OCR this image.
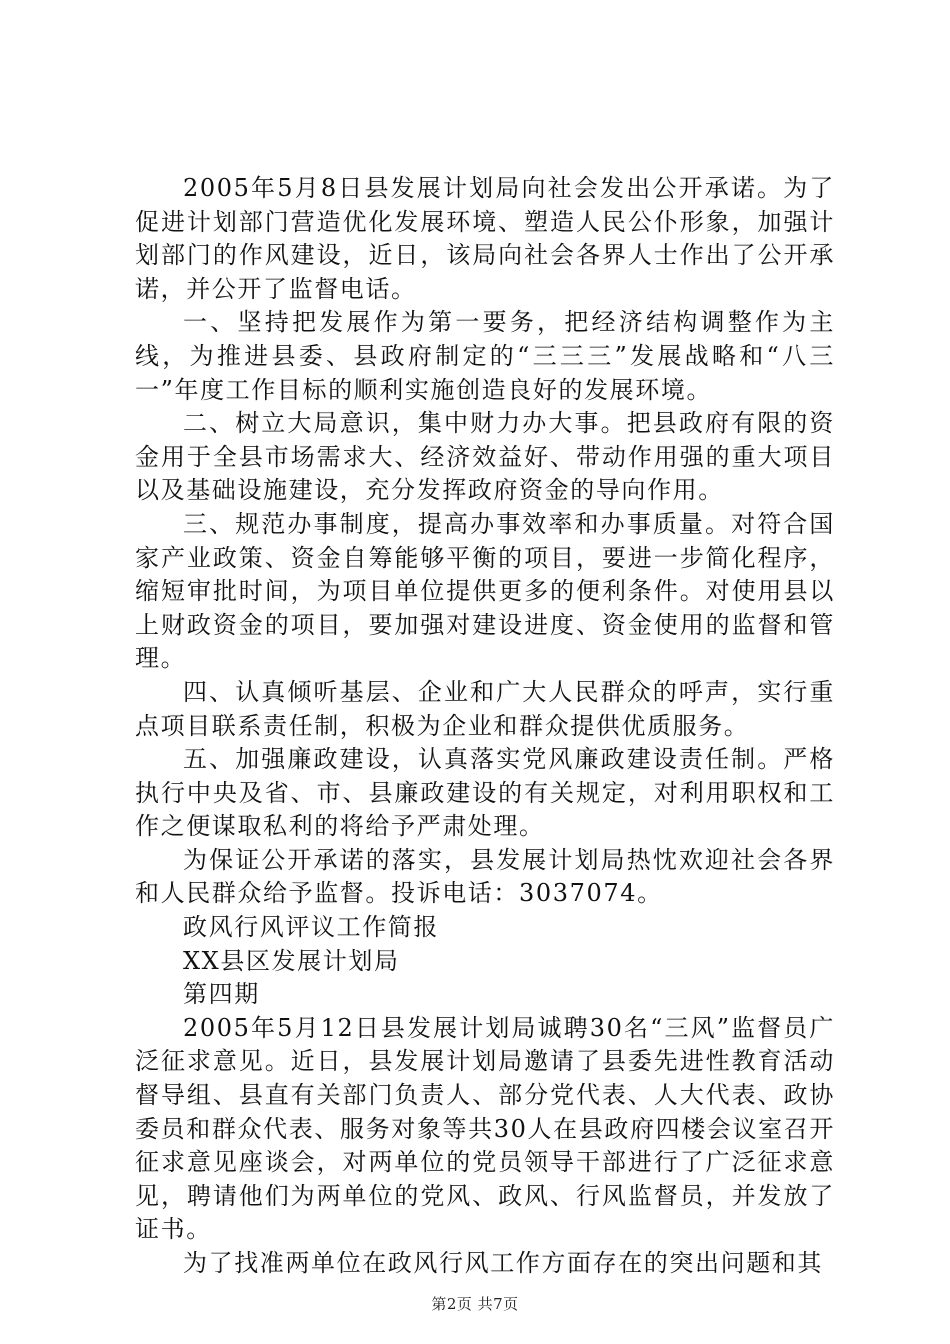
2005年5月8日县发展计划局向社会发出公开承诺。为了促进计划部门营造优化发展环境、塑造人民公仆形象，加强计划部门的作风建设，近日，该局向社会各界人士作出了公开承诺，并公开了监督电话。

一、坚持把发展作为第一要务，把经济结构调整作为主线，为推进县委、县政府制定的“三三三”发展战略和“八三一”年度工作目标的顺利实施创造良好的发展环境。

二、树立大局意识，集中财力办大事。把县政府有限的资金用于全县市场需求大、经济效益好、带动作用强的重大项目以及基础设施建设，充分发挥政府资金的导向作用。

三、规范办事制度，提高办事效率和办事质量。对符合国家产业政策、资金自筹能够平衡的项目，要进一步简化程序，缩短审批时间，为项目单位提供更多的便利条件。对使用县以上财政资金的项目，要加强对建设进度、资金使用的监督和管理。

四、认真倾听基层、企业和广大人民群众的呼声，实行重点项目联系责任制，积极为企业和群众提供优质服务。

五、加强廉政建设，认真落实党风廉政建设责任制。严格执行中央及省、市、县廉政建设的有关规定，对利用职权和工作之便谋取私利的将给予严肃处理。

为保证公开承诺的落实，县发展计划局热忱欢迎社会各界和人民群众给予监督。投诉电话：3037074。

政风行风评议工作简报

XX县区发展计划局

第四期

2005年5月12日县发展计划局诚聘30名“三风”监督员广泛征求意见。近日，县发展计划局邀请了县委先进性教育活动督导组、县直有关部门负责人、部分党代表、人大代表、政协委员和群众代表、服务对象等共30人在县政府四楼会议室召开征求意见座谈会，对两单位的党员领导干部进行了广泛征求意见，聘请他们为两单位的党风、政风、行风监督员，并发放了证书。

为了找准两单位在政风行风工作方面存在的突出问题和其

第2页 共7页
